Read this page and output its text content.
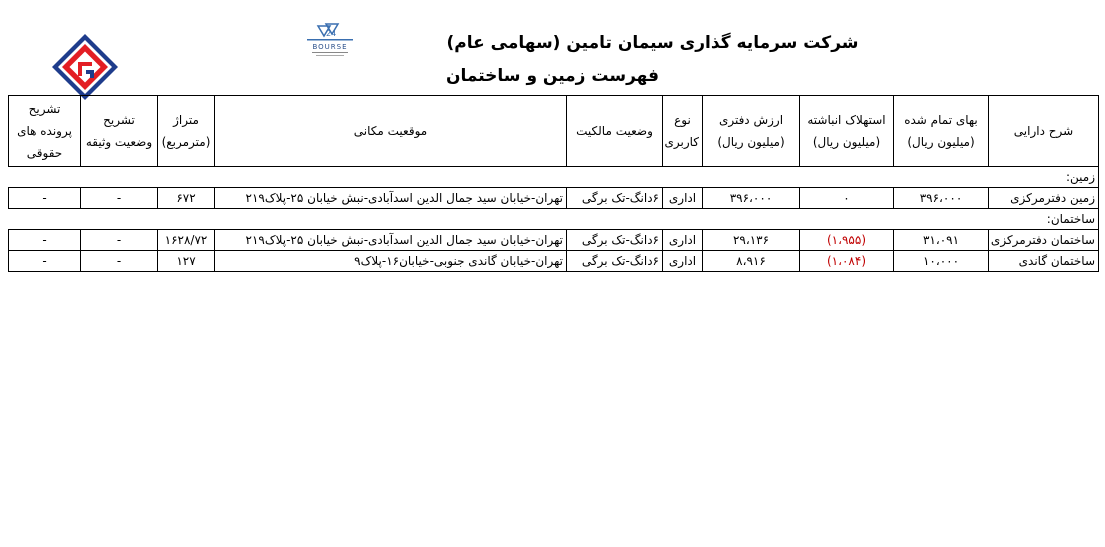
24
BOURSE	شرکت سرمایه گذاری سیمان تامین (سهامی عام)
فهرست زمین و ساختمان
شرح دارایی	بهای تمام شده (میلیون ریال)	استهلاک انباشته (میلیون ریال)	ارزش دفتری (میلیون ریال)	نوع کاربری	وضعیت مالکیت	موقعیت مکانی	متراژ (مترمربع)	تشریح وضعیت وثیقه	تشریح پرونده های حقوقی
زمین:									
زمین دفترمرکزی	۳۹۶،۰۰۰	۰	۳۹۶،۰۰۰	اداری	۶دانگ-تک برگی	تهران-خیابان سید جمال الدین اسدآبادی-نبش خیابان ۲۵-پلاک۲۱۹	۶۷۲	-	-
ساختمان:									
ساختمان دفترمرکزی	۳۱،۰۹۱	(۱،۹۵۵)	۲۹،۱۳۶	اداری	۶دانگ-تک برگی	تهران-خیابان سید جمال الدین اسدآبادی-نبش خیابان ۲۵-پلاک۲۱۹	۱۶۲۸/۷۲	-	-
ساختمان گاندی	۱۰،۰۰۰	(۱،۰۸۴)	۸،۹۱۶	اداری	۶دانگ-تک برگی	تهران-خیابان گاندی جنوبی-خیابان۱۶-پلاک۹	۱۲۷	-	-
